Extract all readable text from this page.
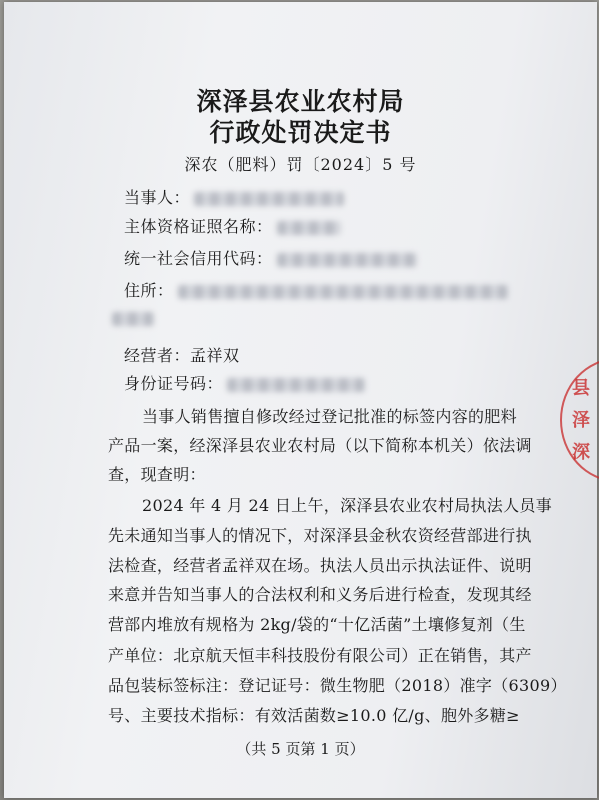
深泽县农业农村局
行政处罚决定书
深农（肥料）罚〔2024〕5 号
当事人：
主体资格证照名称：
统一社会信用代码：
住所：
经营者：孟祥双
身份证号码：
当事人销售擅自修改经过登记批准的标签内容的肥料
产品一案，经深泽县农业农村局（以下简称本机关）依法调
查，现查明：
2024 年 4 月 24 日上午，深泽县农业农村局执法人员事
先未通知当事人的情况下，对深泽县金秋农资经营部进行执
法检查，经营者孟祥双在场。执法人员出示执法证件、说明
来意并告知当事人的合法权利和义务后进行检查，发现其经
营部内堆放有规格为 2kg/袋的“十亿活菌”土壤修复剂（生
产单位：北京航天恒丰科技股份有限公司）正在销售，其产
品包装标签标注：登记证号：微生物肥（2018）准字（6309）
号、主要技术指标：有效活菌数≥10.0 亿/g、胞外多糖≥
（共 5 页第 1 页）
县
泽
深
